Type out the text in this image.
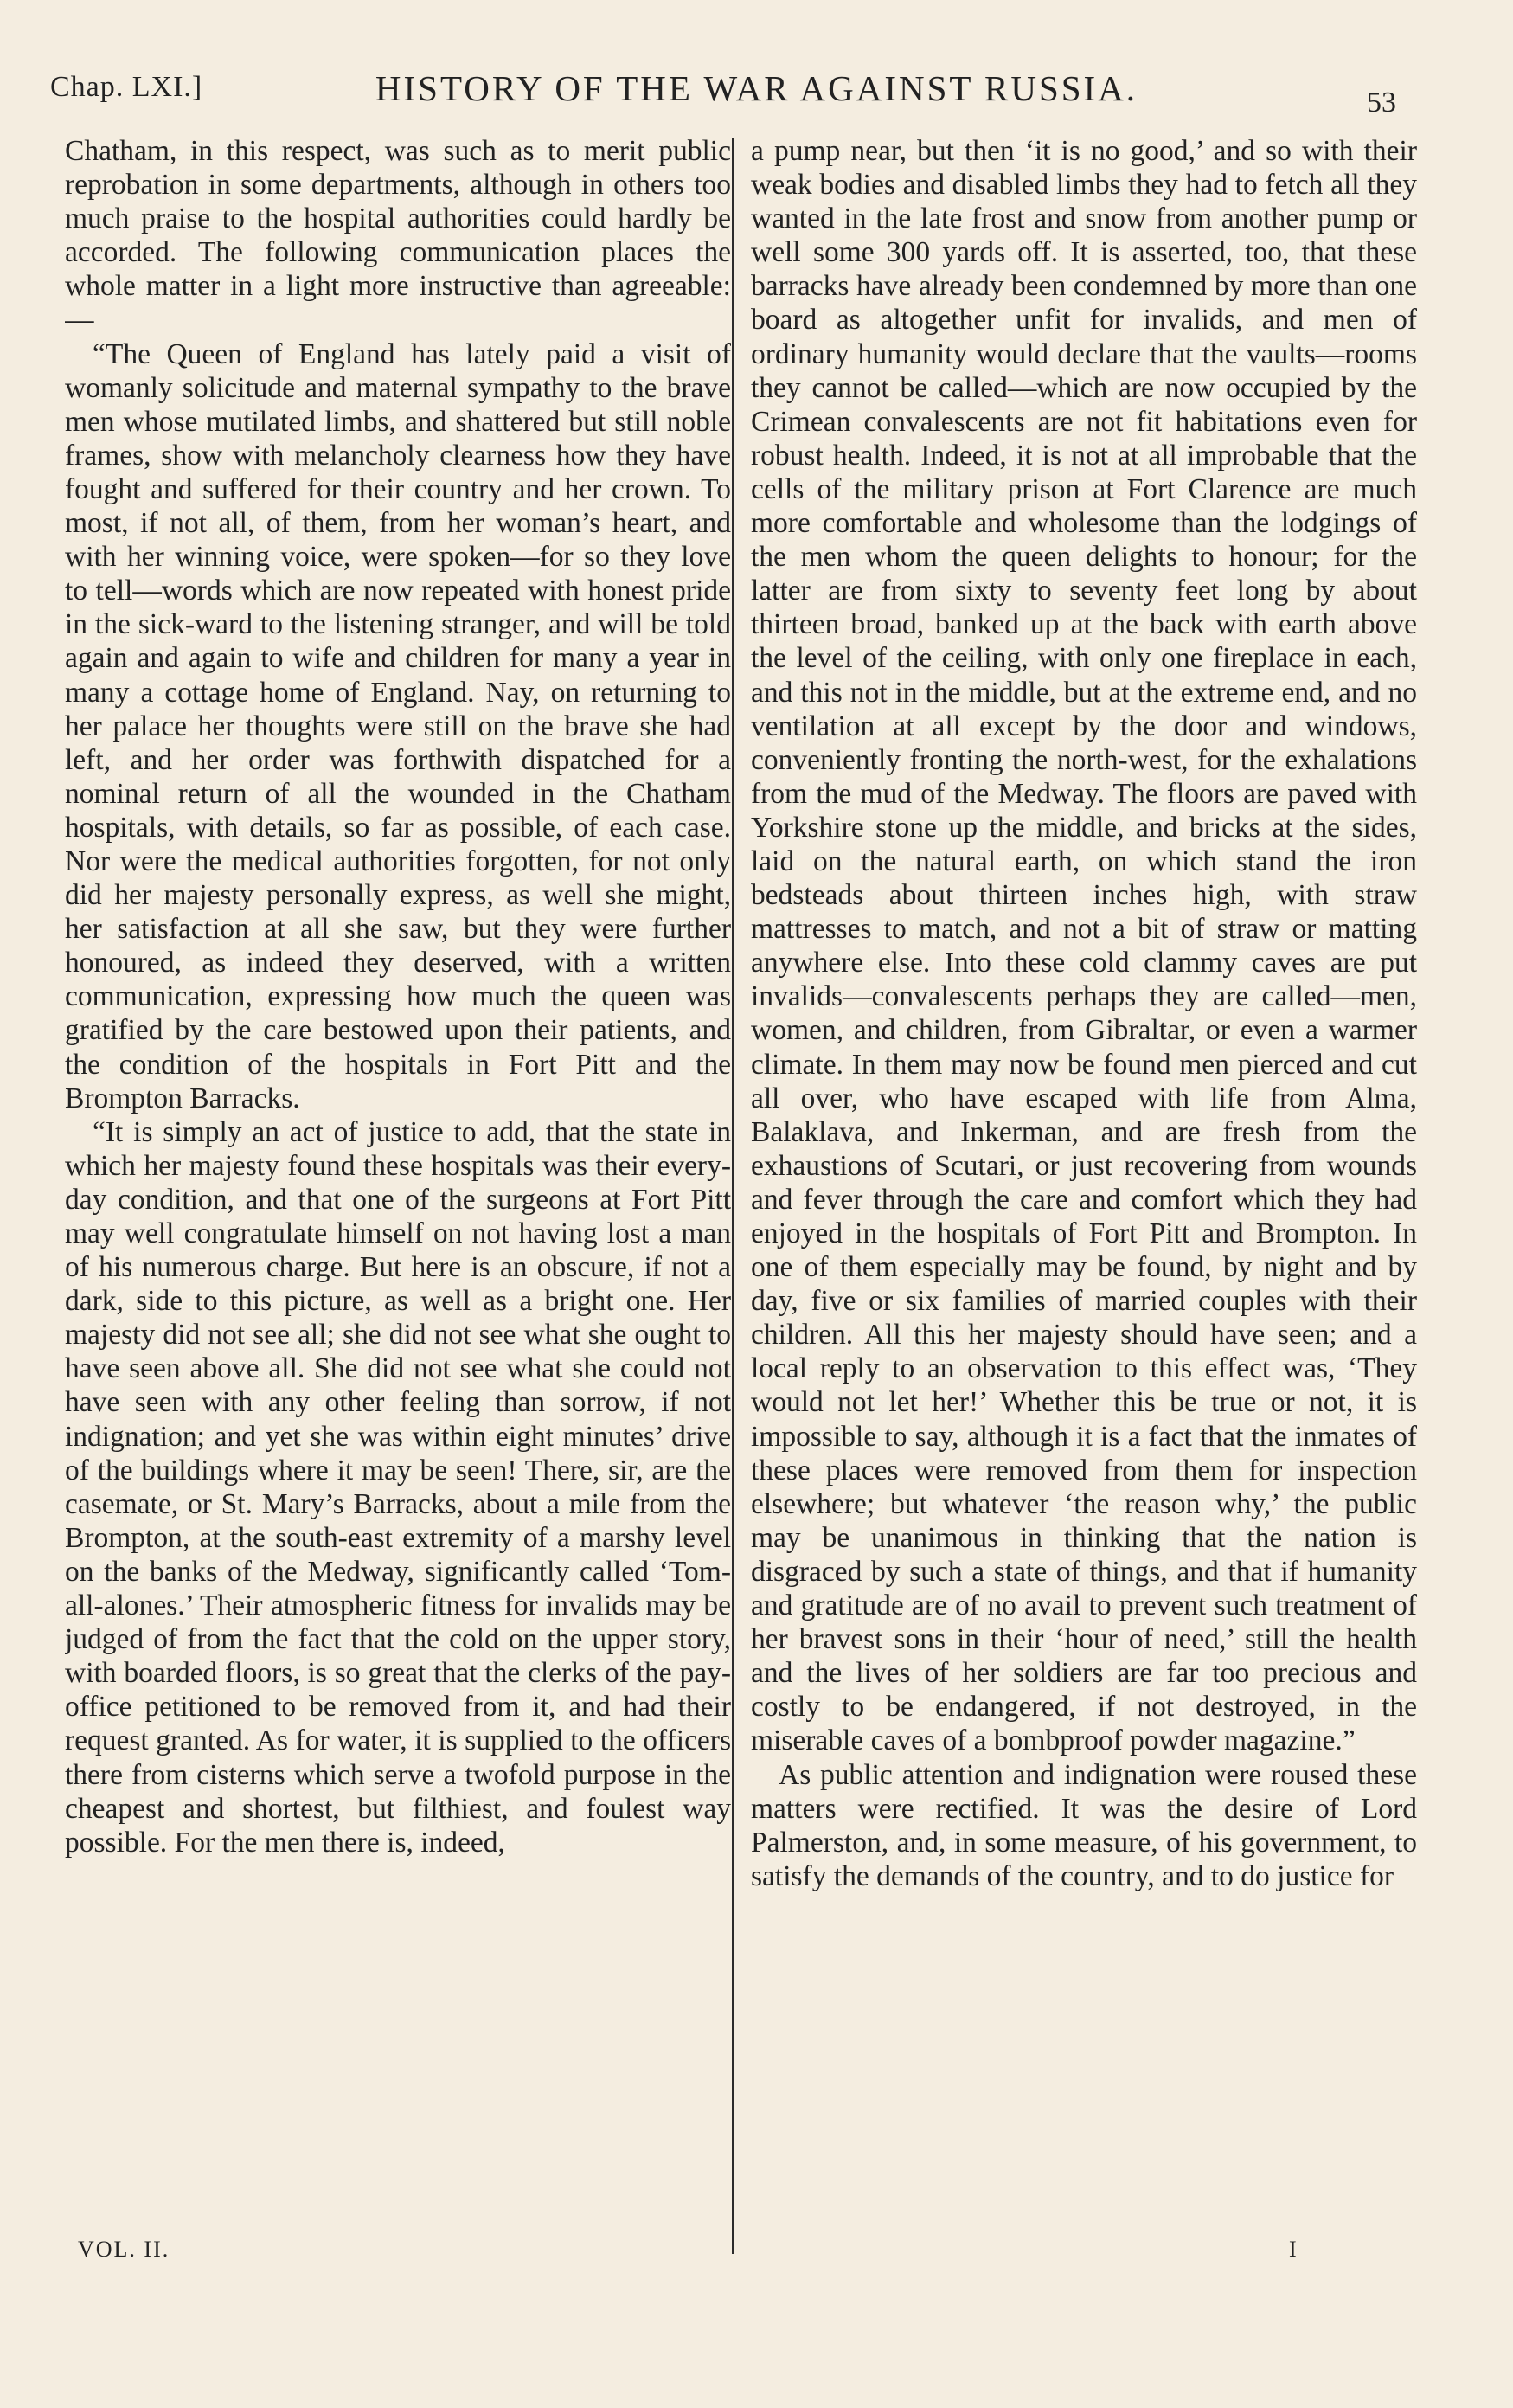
Chap. LXI.]	HISTORY OF THE WAR AGAINST RUSSIA.	53

Chatham, in this respect, was such as to merit public reprobation in some departments, although in others too much praise to the hospital authorities could hardly be accorded. The following communication places the whole matter in a light more instructive than agreeable:—

“The Queen of England has lately paid a visit of womanly solicitude and maternal sympathy to the brave men whose mutilated limbs, and shattered but still noble frames, show with melancholy clearness how they have fought and suffered for their country and her crown. To most, if not all, of them, from her woman’s heart, and with her winning voice, were spoken—for so they love to tell—words which are now repeated with honest pride in the sick-ward to the listening stranger, and will be told again and again to wife and children for many a year in many a cottage home of England. Nay, on returning to her palace her thoughts were still on the brave she had left, and her order was forthwith dispatched for a nominal return of all the wounded in the Chatham hospitals, with details, so far as possible, of each case. Nor were the medical authorities forgotten, for not only did her majesty personally express, as well she might, her satisfaction at all she saw, but they were further honoured, as indeed they deserved, with a written communication, expressing how much the queen was gratified by the care bestowed upon their patients, and the condition of the hospitals in Fort Pitt and the Brompton Barracks.

“It is simply an act of justice to add, that the state in which her majesty found these hospitals was their every-day condition, and that one of the surgeons at Fort Pitt may well congratulate himself on not having lost a man of his numerous charge. But here is an obscure, if not a dark, side to this picture, as well as a bright one. Her majesty did not see all; she did not see what she ought to have seen above all. She did not see what she could not have seen with any other feeling than sorrow, if not indignation; and yet she was within eight minutes’ drive of the buildings where it may be seen! There, sir, are the casemate, or St. Mary’s Barracks, about a mile from the Brompton, at the south-east extremity of a marshy level on the banks of the Medway, significantly called ‘Tom-all-alones.’ Their atmospheric fitness for invalids may be judged of from the fact that the cold on the upper story, with boarded floors, is so great that the clerks of the pay-office petitioned to be removed from it, and had their request granted. As for water, it is supplied to the officers there from cisterns which serve a twofold purpose in the cheapest and shortest, but filthiest, and foulest way possible. For the men there is, indeed,

a pump near, but then ‘it is no good,’ and so with their weak bodies and disabled limbs they had to fetch all they wanted in the late frost and snow from another pump or well some 300 yards off. It is asserted, too, that these barracks have already been condemned by more than one board as altogether unfit for invalids, and men of ordinary humanity would declare that the vaults—rooms they cannot be called—which are now occupied by the Crimean convalescents are not fit habitations even for robust health. Indeed, it is not at all improbable that the cells of the military prison at Fort Clarence are much more comfortable and wholesome than the lodgings of the men whom the queen delights to honour; for the latter are from sixty to seventy feet long by about thirteen broad, banked up at the back with earth above the level of the ceiling, with only one fireplace in each, and this not in the middle, but at the extreme end, and no ventilation at all except by the door and windows, conveniently fronting the north-west, for the exhalations from the mud of the Medway. The floors are paved with Yorkshire stone up the middle, and bricks at the sides, laid on the natural earth, on which stand the iron bedsteads about thirteen inches high, with straw mattresses to match, and not a bit of straw or matting anywhere else. Into these cold clammy caves are put invalids—convalescents perhaps they are called—men, women, and children, from Gibraltar, or even a warmer climate. In them may now be found men pierced and cut all over, who have escaped with life from Alma, Balaklava, and Inkerman, and are fresh from the exhaustions of Scutari, or just recovering from wounds and fever through the care and comfort which they had enjoyed in the hospitals of Fort Pitt and Brompton. In one of them especially may be found, by night and by day, five or six families of married couples with their children. All this her majesty should have seen; and a local reply to an observation to this effect was, ‘They would not let her!’ Whether this be true or not, it is impossible to say, although it is a fact that the inmates of these places were removed from them for inspection elsewhere; but whatever ‘the reason why,’ the public may be unanimous in thinking that the nation is disgraced by such a state of things, and that if humanity and gratitude are of no avail to prevent such treatment of her bravest sons in their ‘hour of need,’ still the health and the lives of her soldiers are far too precious and costly to be endangered, if not destroyed, in the miserable caves of a bombproof powder magazine.”

As public attention and indignation were roused these matters were rectified. It was the desire of Lord Palmerston, and, in some measure, of his government, to satisfy the demands of the country, and to do justice for

VOL. II.	I
